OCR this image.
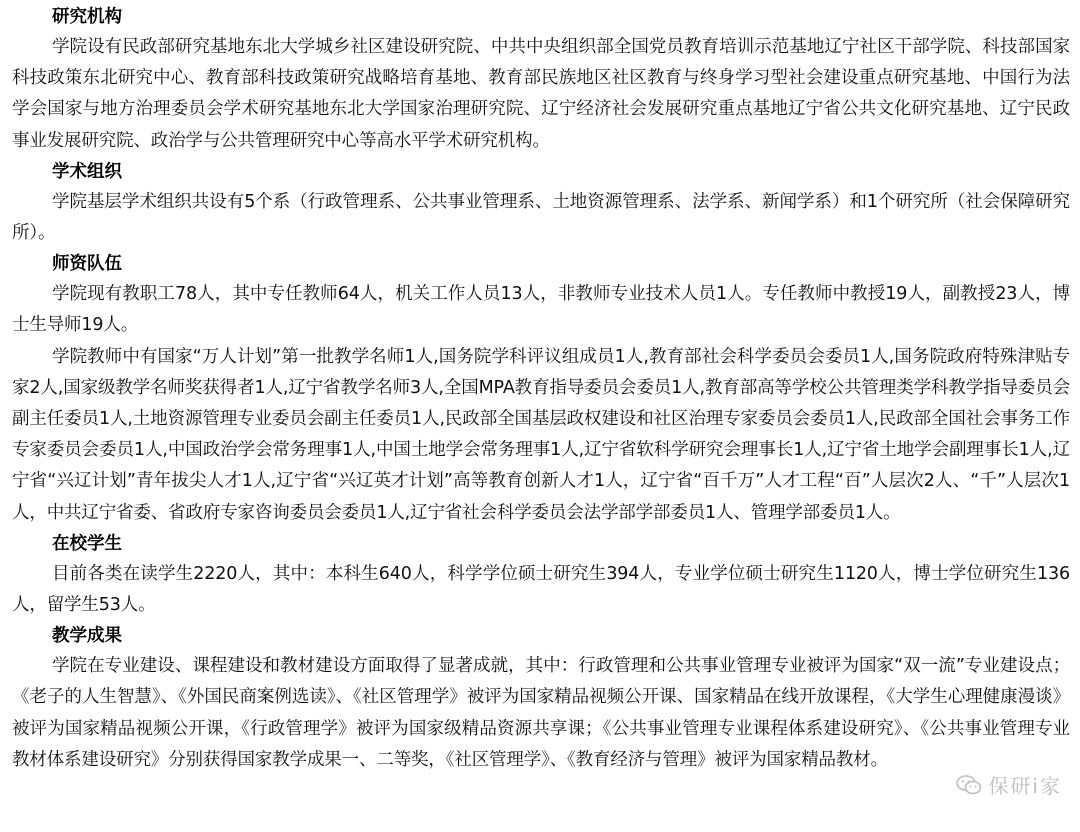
研究机构

学院设有民政部研究基地东北大学城乡社区建设研究院、中共中央组织部全国党员教育培训示范基地辽宁社区干部学院、科技部国家科技政策东北研究中心、教育部科技政策研究战略培育基地、教育部民族地区社区教育与终身学习型社会建设重点研究基地、中国行为法学会国家与地方治理委员会学术研究基地东北大学国家治理研究院、辽宁经济社会发展研究重点基地辽宁省公共文化研究基地、辽宁民政事业发展研究院、政治学与公共管理研究中心等高水平学术研究机构。

学术组织

学院基层学术组织共设有5个系（行政管理系、公共事业管理系、土地资源管理系、法学系、新闻学系）和1个研究所（社会保障研究所）。

师资队伍

学院现有教职工78人，其中专任教师64人，机关工作人员13人，非教师专业技术人员1人。专任教师中教授19人，副教授23人，博士生导师19人。

学院教师中有国家“万人计划”第一批教学名师1人,国务院学科评议组成员1人,教育部社会科学委员会委员1人,国务院政府特殊津贴专家2人,国家级教学名师奖获得者1人,辽宁省教学名师3人,全国MPA教育指导委员会委员1人,教育部高等学校公共管理类学科教学指导委员会副主任委员1人,土地资源管理专业委员会副主任委员1人,民政部全国基层政权建设和社区治理专家委员会委员1人,民政部全国社会事务工作专家委员会委员1人,中国政治学会常务理事1人,中国土地学会常务理事1人,辽宁省软科学研究会理事长1人,辽宁省土地学会副理事长1人,辽宁省“兴辽计划”青年拔尖人才1人,辽宁省“兴辽英才计划”高等教育创新人才1人，辽宁省“百千万”人才工程“百”人层次2人、“千”人层次1人，中共辽宁省委、省政府专家咨询委员会委员1人,辽宁省社会科学委员会法学部学部委员1人、管理学部委员1人。

在校学生

目前各类在读学生2220人，其中：本科生640人，科学学位硕士研究生394人，专业学位硕士研究生1120人，博士学位研究生136人，留学生53人。

教学成果

学院在专业建设、课程建设和教材建设方面取得了显著成就，其中：行政管理和公共事业管理专业被评为国家“双一流”专业建设点；《老子的人生智慧》、《外国民商案例选读》、《社区管理学》被评为国家精品视频公开课、国家精品在线开放课程，《大学生心理健康漫谈》被评为国家精品视频公开课，《行政管理学》被评为国家级精品资源共享课；《公共事业管理专业课程体系建设研究》、《公共事业管理专业教材体系建设研究》分别获得国家教学成果一、二等奖，《社区管理学》、《教育经济与管理》被评为国家精品教材。

保研i家
